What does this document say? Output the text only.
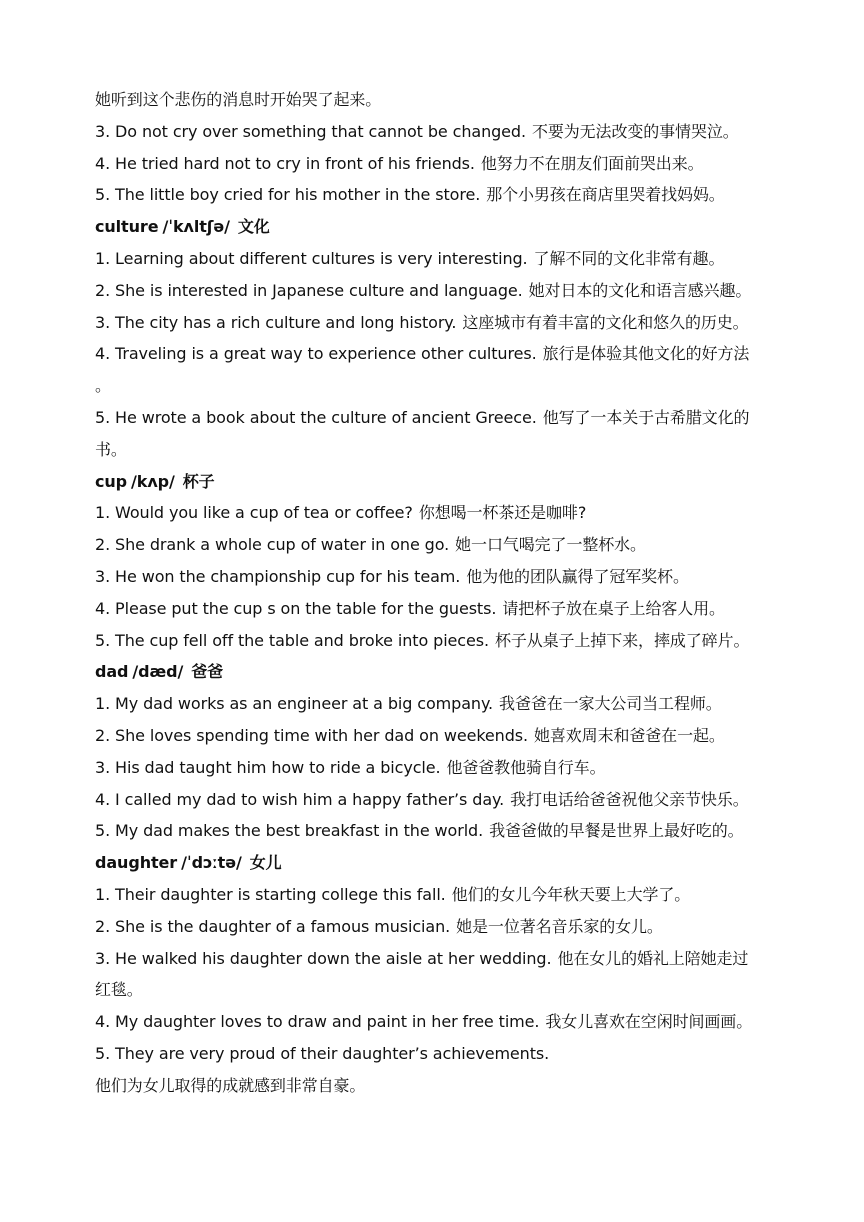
她听到这个悲伤的消息时开始哭了起来。
3. Do not cry over something that cannot be changed. 不要为无法改变的事情哭泣。
4. He tried hard not to cry in front of his friends. 他努力不在朋友们面前哭出来。
5. The little boy cried for his mother in the store. 那个小男孩在商店里哭着找妈妈。
culture /ˈkʌltʃə/ 文化
1. Learning about different cultures is very interesting. 了解不同的文化非常有趣。
2. She is interested in Japanese culture and language. 她对日本的文化和语言感兴趣。
3. The city has a rich culture and long history. 这座城市有着丰富的文化和悠久的历史。
4. Traveling is a great way to experience other cultures. 旅行是体验其他文化的好方法
。
5. He wrote a book about the culture of ancient Greece. 他写了一本关于古希腊文化的
书。
cup /kʌp/ 杯子
1. Would you like a cup of tea or coffee? 你想喝一杯茶还是咖啡?
2. She drank a whole cup of water in one go. 她一口气喝完了一整杯水。
3. He won the championship cup for his team. 他为他的团队赢得了冠军奖杯。
4. Please put the cup s on the table for the guests. 请把杯子放在桌子上给客人用。
5. The cup fell off the table and broke into pieces. 杯子从桌子上掉下来，摔成了碎片。
dad /dæd/ 爸爸
1. My dad works as an engineer at a big company. 我爸爸在一家大公司当工程师。
2. She loves spending time with her dad on weekends. 她喜欢周末和爸爸在一起。
3. His dad taught him how to ride a bicycle. 他爸爸教他骑自行车。
4. I called my dad to wish him a happy father’s day. 我打电话给爸爸祝他父亲节快乐。
5. My dad makes the best breakfast in the world. 我爸爸做的早餐是世界上最好吃的。
daughter /ˈdɔːtə/ 女儿
1. Their daughter is starting college this fall. 他们的女儿今年秋天要上大学了。
2. She is the daughter of a famous musician. 她是一位著名音乐家的女儿。
3. He walked his daughter down the aisle at her wedding. 他在女儿的婚礼上陪她走过
红毯。
4. My daughter loves to draw and paint in her free time. 我女儿喜欢在空闲时间画画。
5. They are very proud of their daughter’s achievements.
他们为女儿取得的成就感到非常自豪。
